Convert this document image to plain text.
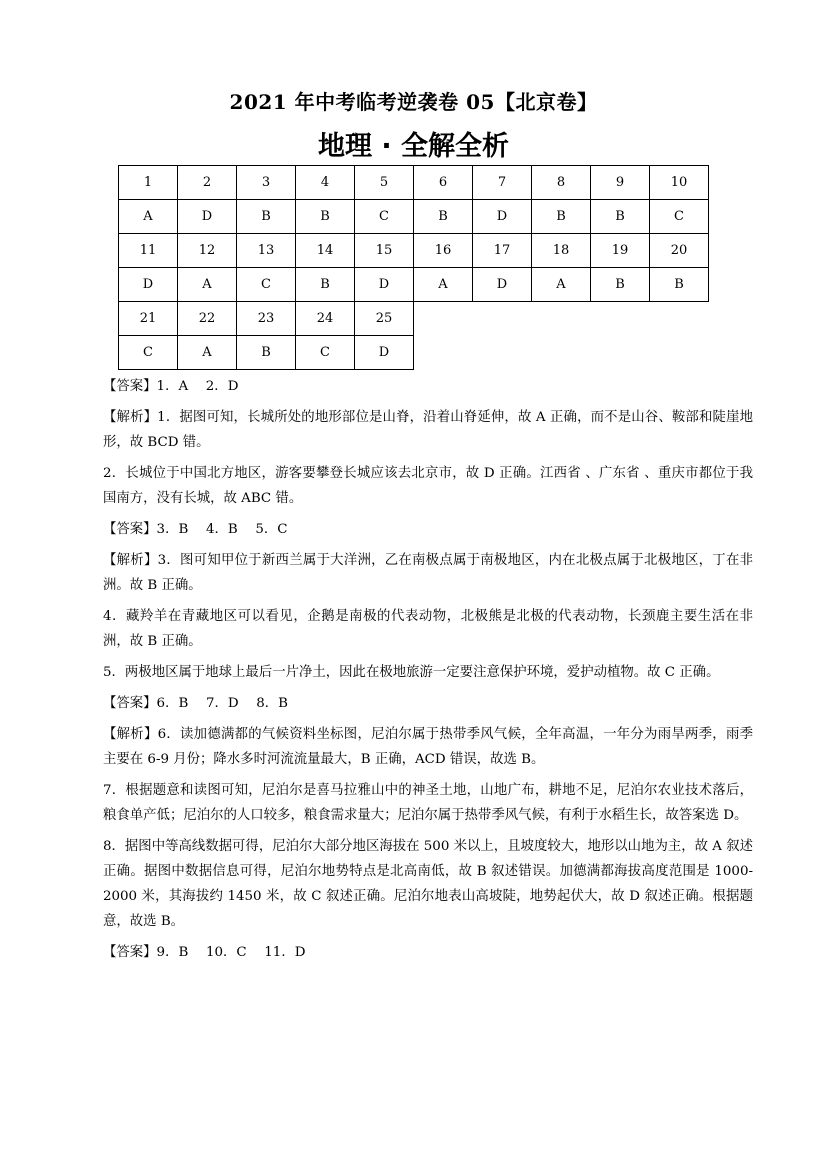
2021 年中考临考逆袭卷 05【北京卷】
地理 · 全解全析
1	2	3	4	5	6	7	8	9	10
A	D	B	B	C	B	D	B	B	C
11	12	13	14	15	16	17	18	19	20
D	A	C	B	D	A	D	A	B	B
21	22	23	24	25					
C	A	B	C	D					

【答案】1．A　 2．D

【解析】1．据图可知，长城所处的地形部位是山脊，沿着山脊延伸，故 A 正确，而不是山谷、鞍部和陡崖地形，故 BCD 错。

2．长城位于中国北方地区，游客要攀登长城应该去北京市，故 D 正确。江西省 、广东省 、重庆市都位于我国南方，没有长城，故 ABC 错。

【答案】3．B　 4．B　 5．C

【解析】3．图可知甲位于新西兰属于大洋洲，乙在南极点属于南极地区，内在北极点属于北极地区，丁在非洲。故 B 正确。

4．藏羚羊在青藏地区可以看见，企鹅是南极的代表动物，北极熊是北极的代表动物，长颈鹿主要生活在非洲，故 B 正确。

5．两极地区属于地球上最后一片净土，因此在极地旅游一定要注意保护环境，爱护动植物。故 C 正确。

【答案】6．B　 7．D　 8．B

【解析】6．读加德满都的气候资料坐标图，尼泊尔属于热带季风气候，全年高温，一年分为雨旱两季，雨季主要在 6-9 月份；降水多时河流流量最大，B 正确，ACD 错误，故选 B。

7．根据题意和读图可知，尼泊尔是喜马拉雅山中的神圣土地，山地广布，耕地不足，尼泊尔农业技术落后，粮食单产低；尼泊尔的人口较多，粮食需求量大；尼泊尔属于热带季风气候，有利于水稻生长，故答案选 D。

8．据图中等高线数据可得，尼泊尔大部分地区海拔在 500 米以上，且坡度较大，地形以山地为主，故 A 叙述正确。据图中数据信息可得，尼泊尔地势特点是北高南低，故 B 叙述错误。加德满都海拔高度范围是 1000-2000 米，其海拔约 1450 米，故 C 叙述正确。尼泊尔地表山高坡陡，地势起伏大，故 D 叙述正确。根据题意，故选 B。

【答案】9．B　 10．C　 11．D
